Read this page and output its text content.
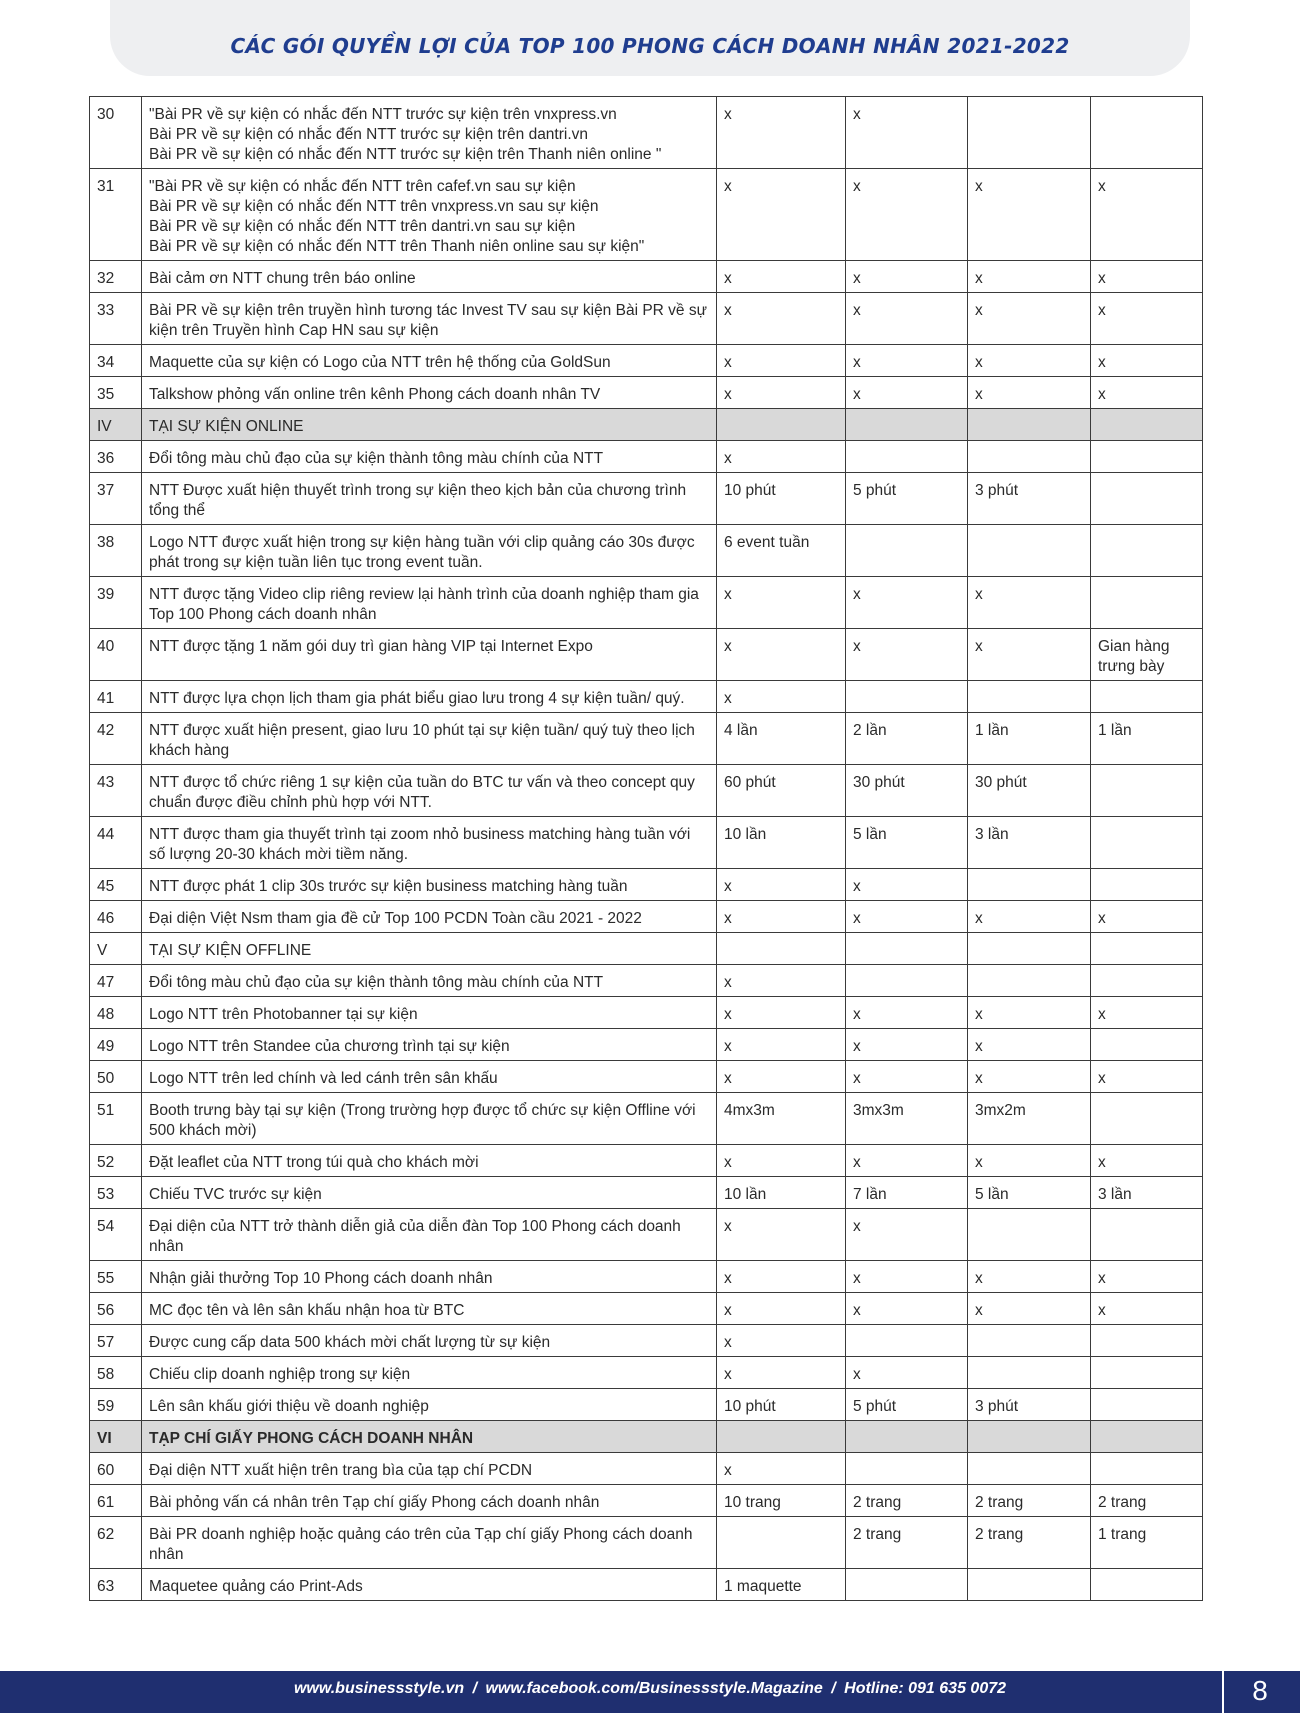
CÁC GÓI QUYỀN LỢI CỦA TOP 100 PHONG CÁCH DOANH NHÂN 2021-2022
30	"Bài PR về sự kiện có nhắc đến NTT trước sự kiện trên vnxpress.vn
Bài PR về sự kiện có nhắc đến NTT trước sự kiện trên dantri.vn
Bài PR về sự kiện có nhắc đến NTT trước sự kiện trên Thanh niên online "	x	x		
31	"Bài PR về sự kiện có nhắc đến NTT trên cafef.vn sau sự kiện
Bài PR về sự kiện có nhắc đến NTT trên vnxpress.vn sau sự kiện
Bài PR về sự kiện có nhắc đến NTT trên dantri.vn sau sự kiện
Bài PR về sự kiện có nhắc đến NTT trên Thanh niên online sau sự kiện"	x	x	x	x
32	Bài cảm ơn NTT chung trên báo online	x	x	x	x
33	Bài PR về sự kiện trên truyền hình tương tác Invest TV sau sự kiện Bài PR về sự kiện trên Truyền hình Cap HN sau sự kiện	x	x	x	x
34	Maquette của sự kiện có Logo của NTT trên hệ thống của GoldSun	x	x	x	x
35	Talkshow phỏng vấn online trên kênh Phong cách doanh nhân TV	x	x	x	x
IV	TẠI SỰ KIỆN ONLINE				
36	Đổi tông màu chủ đạo của sự kiện thành tông màu chính của NTT	x			
37	NTT Được xuất hiện thuyết trình trong sự kiện theo kịch bản của chương trình tổng thể	10 phút	5 phút	3 phút	
38	Logo NTT được xuất hiện trong sự kiện hàng tuần với clip quảng cáo 30s được phát trong sự kiện tuần liên tục trong event tuần.	6 event tuần			
39	NTT được tặng Video clip riêng review lại hành trình của doanh nghiệp tham gia Top 100 Phong cách doanh nhân	x	x	x	
40	NTT được tặng 1 năm gói duy trì gian hàng VIP tại Internet Expo	x	x	x	Gian hàng trưng bày
41	NTT được lựa chọn lịch tham gia phát biểu giao lưu trong 4 sự kiện tuần/ quý.	x			
42	NTT được xuất hiện present, giao lưu 10 phút tại sự kiện tuần/ quý tuỳ theo lịch khách hàng	4 lần	2 lần	1 lần	1 lần
43	NTT được tổ chức riêng 1 sự kiện của tuần do BTC tư vấn và theo concept quy chuẩn được điều chỉnh phù hợp với NTT.	60 phút	30 phút	30 phút	
44	NTT được tham gia thuyết trình tại zoom nhỏ business matching hàng tuần với số lượng 20-30 khách mời tiềm năng.	10 lần	5 lần	3 lần	
45	NTT được phát 1 clip 30s trước sự kiện business matching hàng tuần	x	x		
46	Đại diện Việt Nsm tham gia đề cử Top 100 PCDN Toàn cầu 2021 - 2022	x	x	x	x
V	TẠI SỰ KIỆN OFFLINE				
47	Đổi tông màu chủ đạo của sự kiện thành tông màu chính của NTT	x			
48	Logo NTT trên Photobanner tại sự kiện	x	x	x	x
49	Logo NTT trên Standee của chương trình tại sự kiện	x	x	x	
50	Logo NTT trên led chính và led cánh trên sân khấu	x	x	x	x
51	Booth trưng bày tại sự kiện (Trong trường hợp được tổ chức sự kiện Offline với 500 khách mời)	4mx3m	3mx3m	3mx2m	
52	Đặt leaflet của NTT trong túi quà cho khách mời	x	x	x	x
53	Chiếu TVC trước sự kiện	10 lần	7 lần	5 lần	3 lần
54	Đại diện của NTT trở thành diễn giả của diễn đàn Top 100 Phong cách doanh nhân	x	x		
55	Nhận giải thưởng Top 10 Phong cách doanh nhân	x	x	x	x
56	MC đọc tên và lên sân khấu nhận hoa từ BTC	x	x	x	x
57	Được cung cấp data 500 khách mời chất lượng từ sự kiện	x			
58	Chiếu clip doanh nghiệp trong sự kiện	x	x		
59	Lên sân khấu giới thiệu về doanh nghiệp	10 phút	5 phút	3 phút	
VI	TẠP CHÍ GIẤY PHONG CÁCH DOANH NHÂN				
60	Đại diện NTT xuất hiện trên trang bìa của tạp chí PCDN	x			
61	Bài phỏng vấn cá nhân trên Tạp chí giấy Phong cách doanh nhân	10 trang	2 trang	2 trang	2 trang
62	Bài PR doanh nghiệp hoặc quảng cáo trên của Tạp chí giấy Phong cách doanh nhân		2 trang	2 trang	1 trang
63	Maquetee quảng cáo Print-Ads	1 maquette			
www.businessstyle.vn / www.facebook.com/Businessstyle.Magazine / Hotline: 091 635 0072	8
